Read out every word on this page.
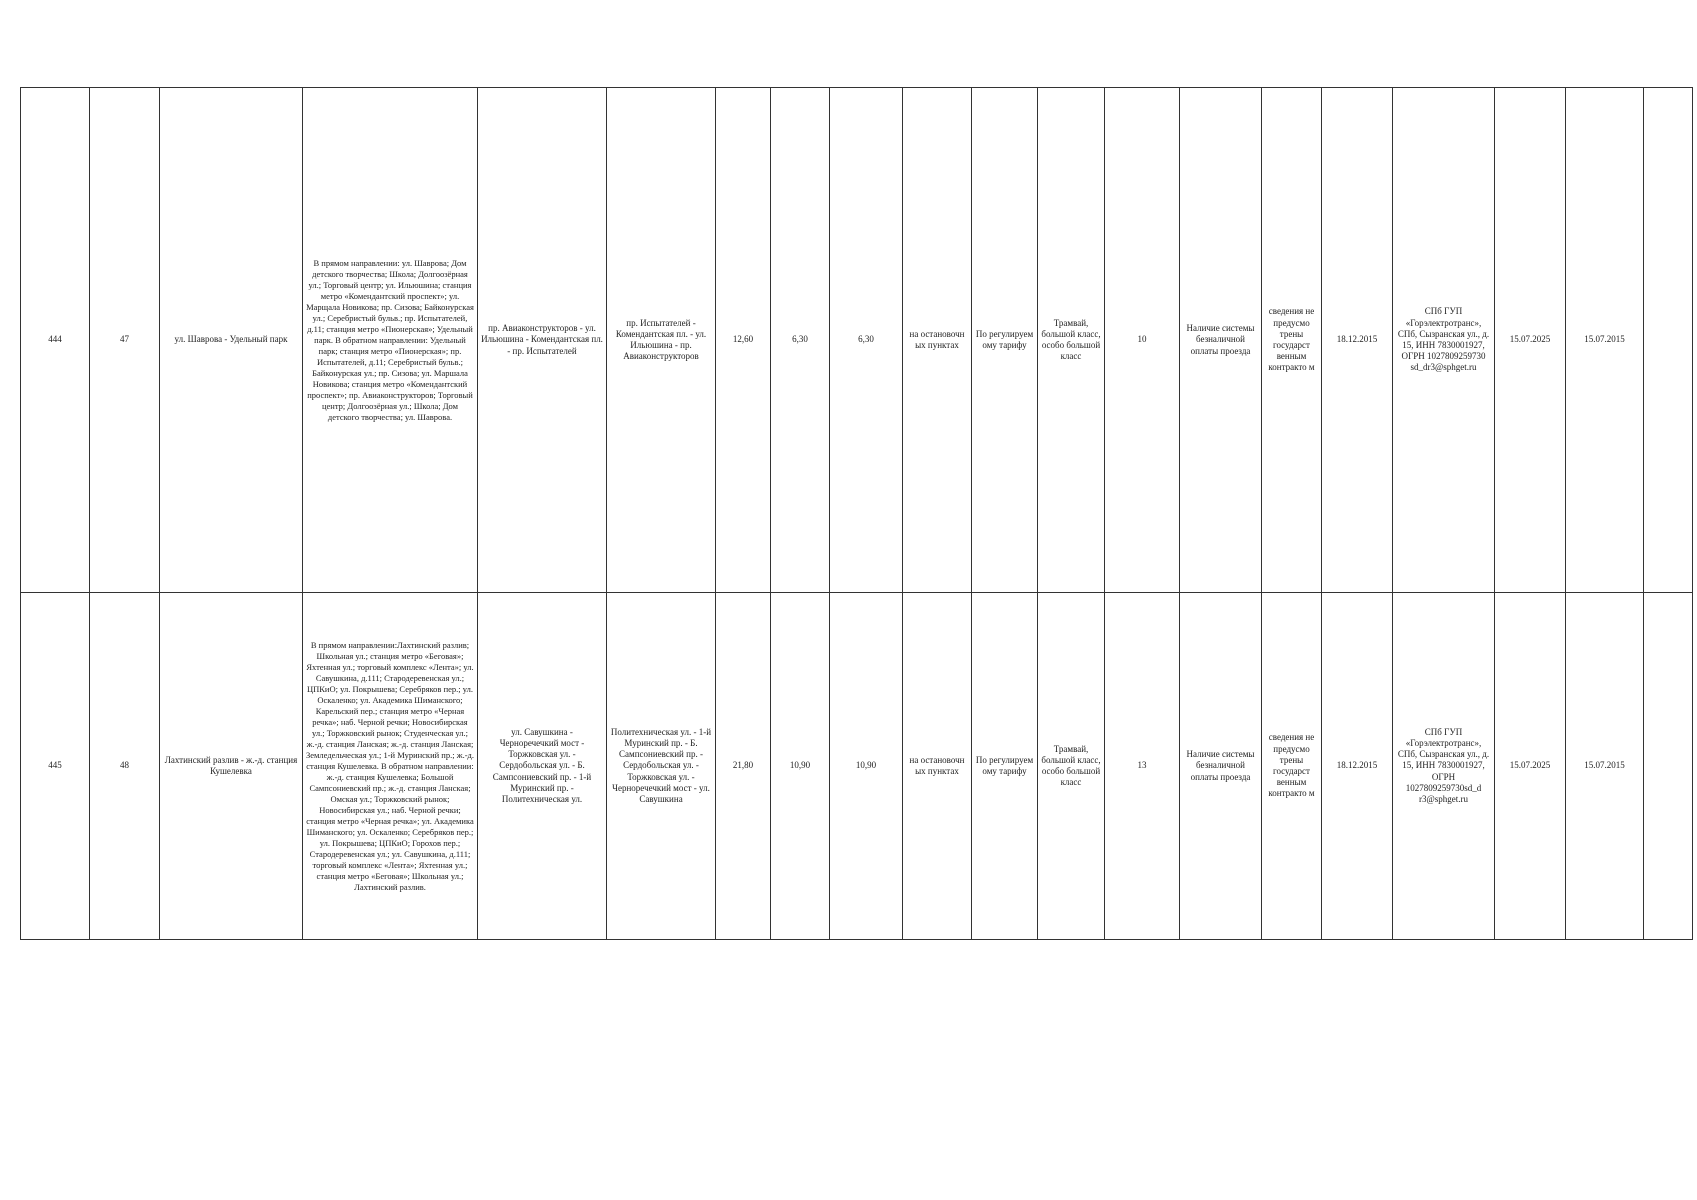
444	47	ул. Шаврова - Удельный парк	В прямом направлении: ул. Шаврова; Дом детского творчества; Школа; Долгоозёрная ул.; Торговый центр; ул. Ильюшина; станция метро «Комендантский проспект»; ул. Марщала Новикова; пр. Сизова; Байконурская ул.; Серебристый бульв.; пр. Испытателей, д.11; станция метро «Пионерская»; Удельный парк. В обратном направлении: Удельный парк; станция метро «Пионерская»; пр. Испытателей, д.11; Серебристый бульв.; Байконурская ул.; пр. Сизова; ул. Маршала Новикова; станция метро «Комендантский проспект»; пр. Авиаконструкторов; Торговый центр; Долгоозёрная ул.; Школа; Дом детского творчества; ул. Шаврова.	пр. Авиаконструкторов - ул. Ильюшина - Комендантская пл. - пр. Испытателей	пр. Испытателей - Комендантская пл. - ул. Ильюшина - пр. Авиаконструкторов	12,60	6,30	6,30	на остановочн ых пунктах	По регулируем ому тарифу	Трамвай, большой класс, особо большой класс	10	Наличие системы безналичной оплаты проезда	сведения не предусмо трены государст венным контракто м	18.12.2015	СПб ГУП «Горэлектротранс», СПб, Сызранская ул., д. 15, ИНН 7830001927, ОГРН 1027809259730 sd_dr3@sphget.ru	15.07.2025	15.07.2015	
445	48	Лахтинский разлив - ж.-д. станция Кушелевка	В прямом направлении:Лахтинский разлив; Школьная ул.; станция метро «Беговая»; Яхтенная ул.; торговый комплекс «Лента»; ул. Савушкина, д.111; Стародеревенская ул.; ЦПКиО; ул. Покрышева; Серебряков пер.; ул. Оскаленко; ул. Академика Шиманского; Карельский пер.; станция метро «Черная речка»; наб. Черной речки; Новосибирская ул.; Торжковский рынок; Студенческая ул.; ж.-д. станция Ланская; ж.-д. станция Ланская; Земледельческая ул.; 1-й Муринский пр.; ж.-д. станция Кушелевка. В обратном направлении: ж.-д. станция Кушелевка; Большой Сампсониевский пр.; ж.-д. станция Ланская; Омская ул.; Торжковский рынок; Новосибирская ул.; наб. Черной речки; станция метро «Черная речка»; ул. Академика Шиманского; ул. Оскаленко; Серебряков пер.; ул. Покрышева; ЦПКиО; Горохов пер.; Стародеревенская ул.; ул. Савушкина, д.111; торговый комплекс «Лента»; Яхтенная ул.; станция метро «Беговая»; Школьная ул.; Лахтинский разлив.	ул. Савушкина - Черноречечкий мост - Торжковская ул. - Сердобольская ул. - Б. Сампсониевский пр. - 1-й Муринский пр. - Политехническая ул.	Политехническая ул. - 1-й Муринский пр. - Б. Сампсониевский пр. - Сердобольская ул. - Торжковская ул. - Черноречечкий мост - ул. Савушкина	21,80	10,90	10,90	на остановочн ых пунктах	По регулируем ому тарифу	Трамвай, большой класс, особо большой класс	13	Наличие системы безналичной оплаты проезда	сведения не предусмо трены государст венным контракто м	18.12.2015	СПб ГУП «Горэлектротранс», СПб, Сызранская ул., д. 15, ИНН 7830001927, ОГРН 1027809259730sd_d r3@sphget.ru	15.07.2025	15.07.2015	
